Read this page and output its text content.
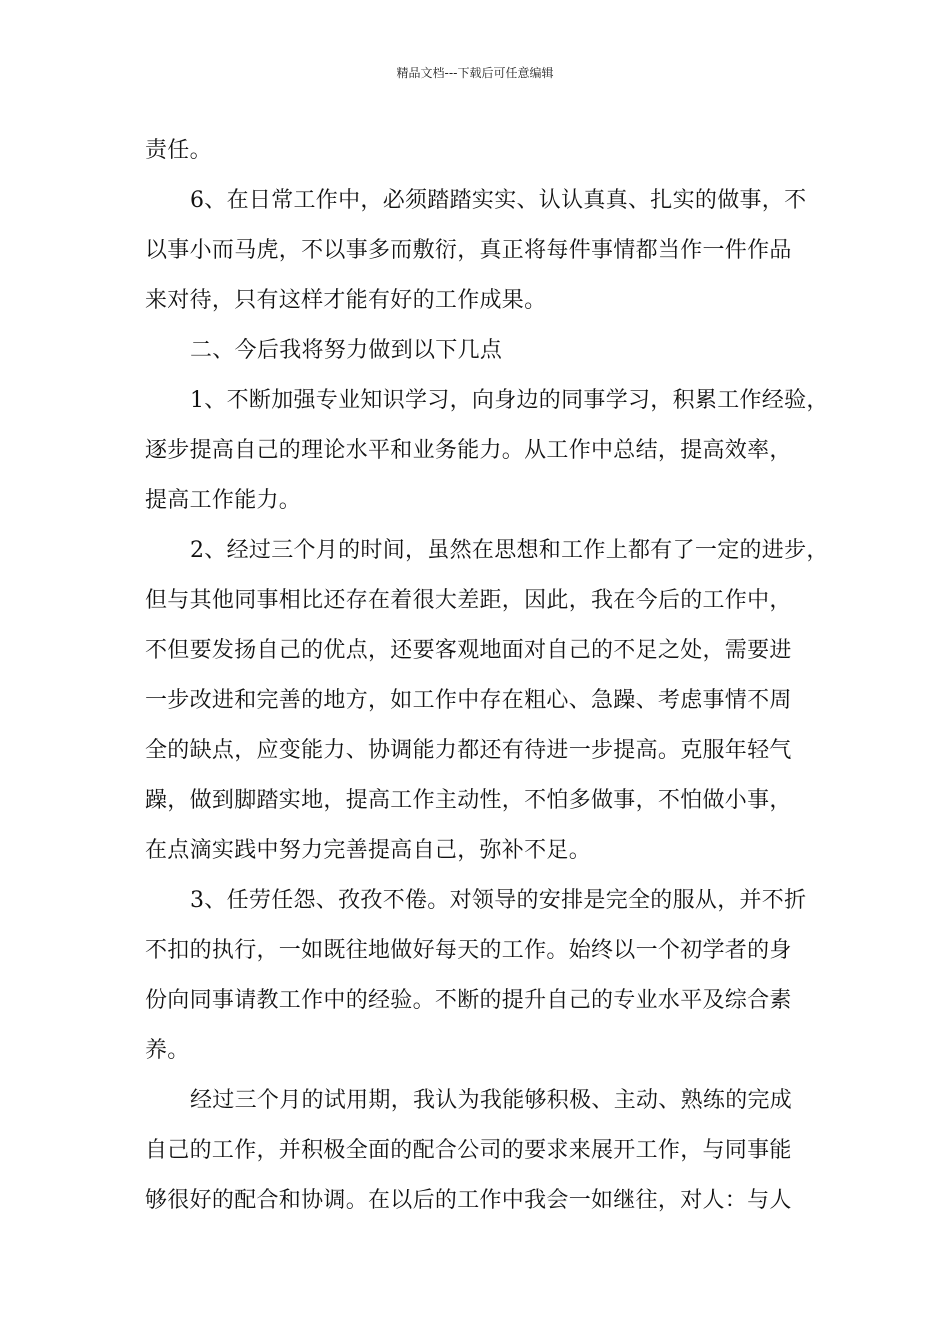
精品文档---下载后可任意编辑
责任。
6、在日常工作中，必须踏踏实实、认认真真、扎实的做事，不
以事小而马虎，不以事多而敷衍，真正将每件事情都当作一件作品
来对待，只有这样才能有好的工作成果。
二、今后我将努力做到以下几点
1、不断加强专业知识学习，向身边的同事学习，积累工作经验，
逐步提高自己的理论水平和业务能力。从工作中总结，提高效率，
提高工作能力。
2、经过三个月的时间，虽然在思想和工作上都有了一定的进步，
但与其他同事相比还存在着很大差距，因此，我在今后的工作中，
不但要发扬自己的优点，还要客观地面对自己的不足之处，需要进
一步改进和完善的地方，如工作中存在粗心、急躁、考虑事情不周
全的缺点，应变能力、协调能力都还有待进一步提高。克服年轻气
躁，做到脚踏实地，提高工作主动性，不怕多做事，不怕做小事，
在点滴实践中努力完善提高自己，弥补不足。
3、任劳任怨、孜孜不倦。对领导的安排是完全的服从，并不折
不扣的执行，一如既往地做好每天的工作。始终以一个初学者的身
份向同事请教工作中的经验。不断的提升自己的专业水平及综合素
养。
经过三个月的试用期，我认为我能够积极、主动、熟练的完成
自己的工作，并积极全面的配合公司的要求来展开工作，与同事能
够很好的配合和协调。在以后的工作中我会一如继往，对人：与人
